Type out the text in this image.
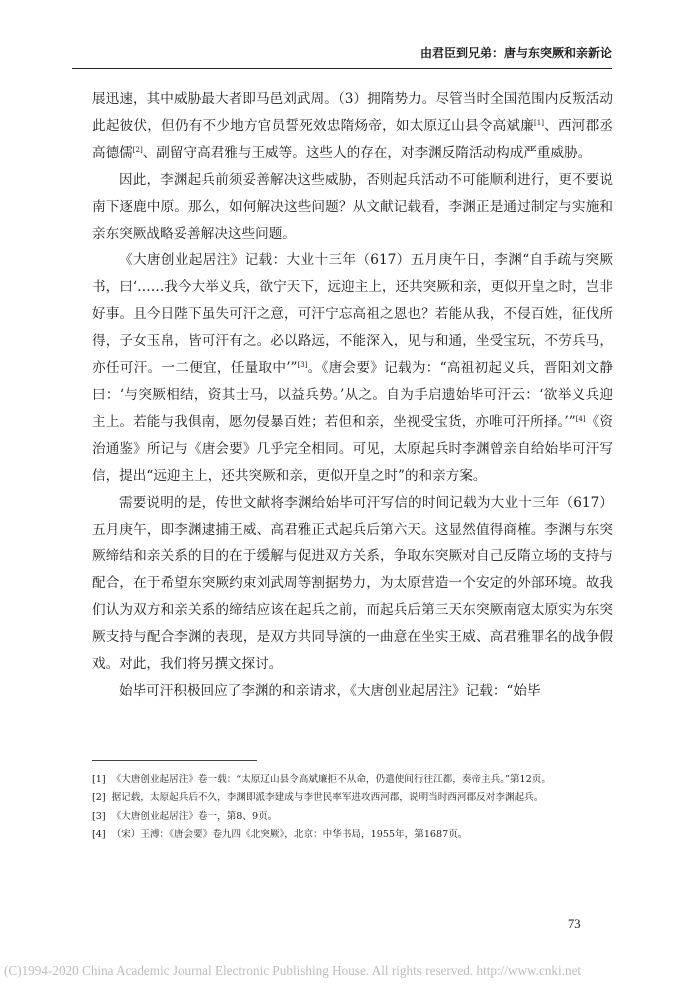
由君臣到兄弟：唐与东突厥和亲新论

展迅速，其中威胁最大者即马邑刘武周。（3）拥隋势力。尽管当时全国范围内反叛活动此起彼伏，但仍有不少地方官员誓死效忠隋炀帝，如太原辽山县令高斌廉[1]、西河郡丞高德儒[2]、副留守高君雅与王威等。这些人的存在，对李渊反隋活动构成严重威胁。

因此，李渊起兵前须妥善解决这些威胁，否则起兵活动不可能顺利进行，更不要说南下逐鹿中原。那么，如何解决这些问题？从文献记载看，李渊正是通过制定与实施和亲东突厥战略妥善解决这些问题。

《大唐创业起居注》记载：大业十三年（617）五月庚午日，李渊“自手疏与突厥书，曰‘……我今大举义兵，欲宁天下，远迎主上，还共突厥和亲，更似开皇之时，岂非好事。且今日陛下虽失可汗之意，可汗宁忘高祖之恩也？若能从我，不侵百姓，征伐所得，子女玉帛，皆可汗有之。必以路远，不能深入，见与和通，坐受宝玩，不劳兵马，亦任可汗。一二便宜，任量取中’”[3]。《唐会要》记载为：“高祖初起义兵，晋阳刘文静曰：‘与突厥相结，资其士马，以益兵势。’从之。自为手启遗始毕可汗云：‘欲举义兵迎主上。若能与我俱南，愿勿侵暴百姓；若但和亲，坐视受宝货，亦唯可汗所择。’”[4]《资治通鉴》所记与《唐会要》几乎完全相同。可见，太原起兵时李渊曾亲自给始毕可汗写信，提出“远迎主上，还共突厥和亲，更似开皇之时”的和亲方案。

需要说明的是，传世文献将李渊给始毕可汗写信的时间记载为大业十三年（617）五月庚午，即李渊逮捕王威、高君雅正式起兵后第六天。这显然值得商榷。李渊与东突厥缔结和亲关系的目的在于缓解与促进双方关系，争取东突厥对自己反隋立场的支持与配合，在于希望东突厥约束刘武周等割据势力，为太原营造一个安定的外部环境。故我们认为双方和亲关系的缔结应该在起兵之前，而起兵后第三天东突厥南寇太原实为东突厥支持与配合李渊的表现，是双方共同导演的一曲意在坐实王威、高君雅罪名的战争假戏。对此，我们将另撰文探讨。

始毕可汗积极回应了李渊的和亲请求，《大唐创业起居注》记载：“始毕

[1] 《大唐创业起居注》卷一载：“太原辽山县令高斌廉拒不从命，仍遣使间行往江都，奏帝主兵。”第12页。

[2] 据记载，太原起兵后不久，李渊即派李建成与李世民率军进攻西河郡，说明当时西河郡反对李渊起兵。

[3] 《大唐创业起居注》卷一，第8、9页。

[4] （宋）王溥：《唐会要》卷九四《北突厥》，北京：中华书局，1955年，第1687页。

73
(C)1994-2020 China Academic Journal Electronic Publishing House. All rights reserved. http://www.cnki.net
